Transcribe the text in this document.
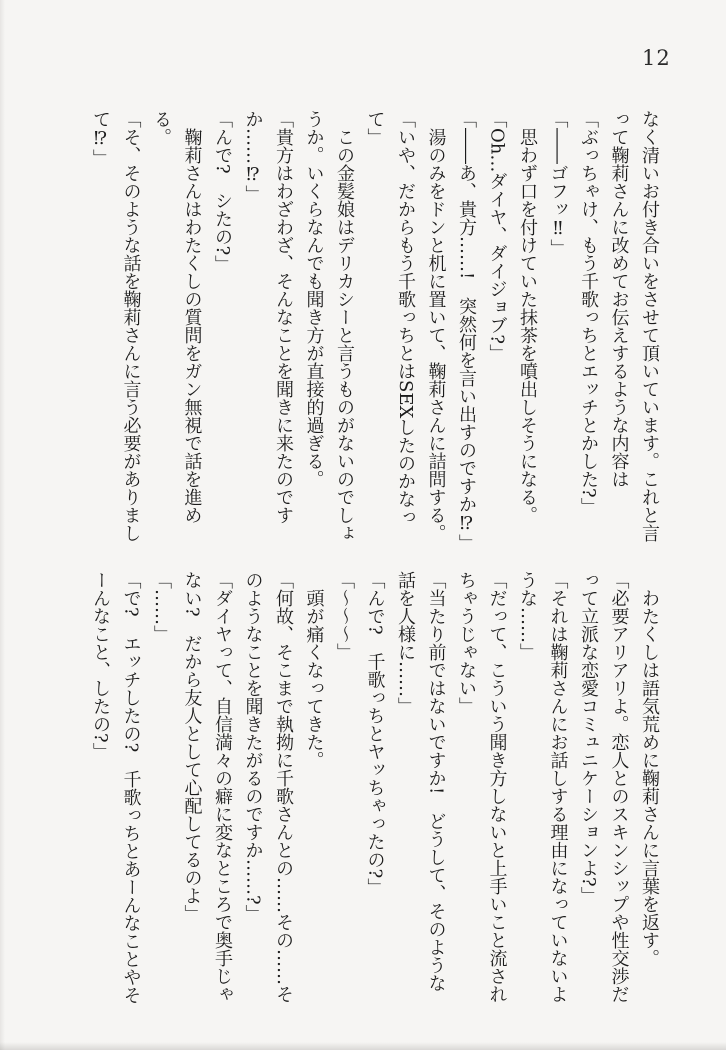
12

なく清いお付き合いをさせて頂いています。これと言って鞠莉さんに改めてお伝えするような内容は

「ぶっちゃけ、もう千歌っちとエッチとかした?」

「――ゴフッ‼」

思わず口を付けていた抹茶を噴出しそうになる。

「Oh…ダイヤ、ダイジョブ?」

「――あ、貴方……!　突然何を言い出すのですか⁉」

湯のみをドンと机に置いて、鞠莉さんに詰問する。

「いや、だからもう千歌っちとはSEXしたのかなって」

この金髪娘はデリカシーと言うものがないのでしょうか。いくらなんでも聞き方が直接的過ぎる。

「貴方はわざわざ、そんなことを聞きに来たのですか……⁉」

「んで?　シたの?」

鞠莉さんはわたくしの質問をガン無視で話を進める。

「そ、そのような話を鞠莉さんに言う必要がありまして⁉」

わたくしは語気荒めに鞠莉さんに言葉を返す。

「必要アリアリよ。恋人とのスキンシップや性交渉だって立派な恋愛コミュニケーションよ?」

「それは鞠莉さんにお話しする理由になっていないような……」

「だって、こういう聞き方しないと上手いこと流されちゃうじゃない」

「当たり前ではないですか!　どうして、そのような話を人様に……」

「んで?　千歌っちとヤッちゃったの?」

「〜〜〜」

頭が痛くなってきた。

「何故、そこまで執拗に千歌さんとの……その……そのようなことを聞きたがるのですか……?」

「ダイヤって、自信満々の癖に変なところで奥手じゃない?　だから友人として心配してるのよ」

「……」

「で?　エッチしたの?　千歌っちとあーんなことやそーんなこと、したの?」
